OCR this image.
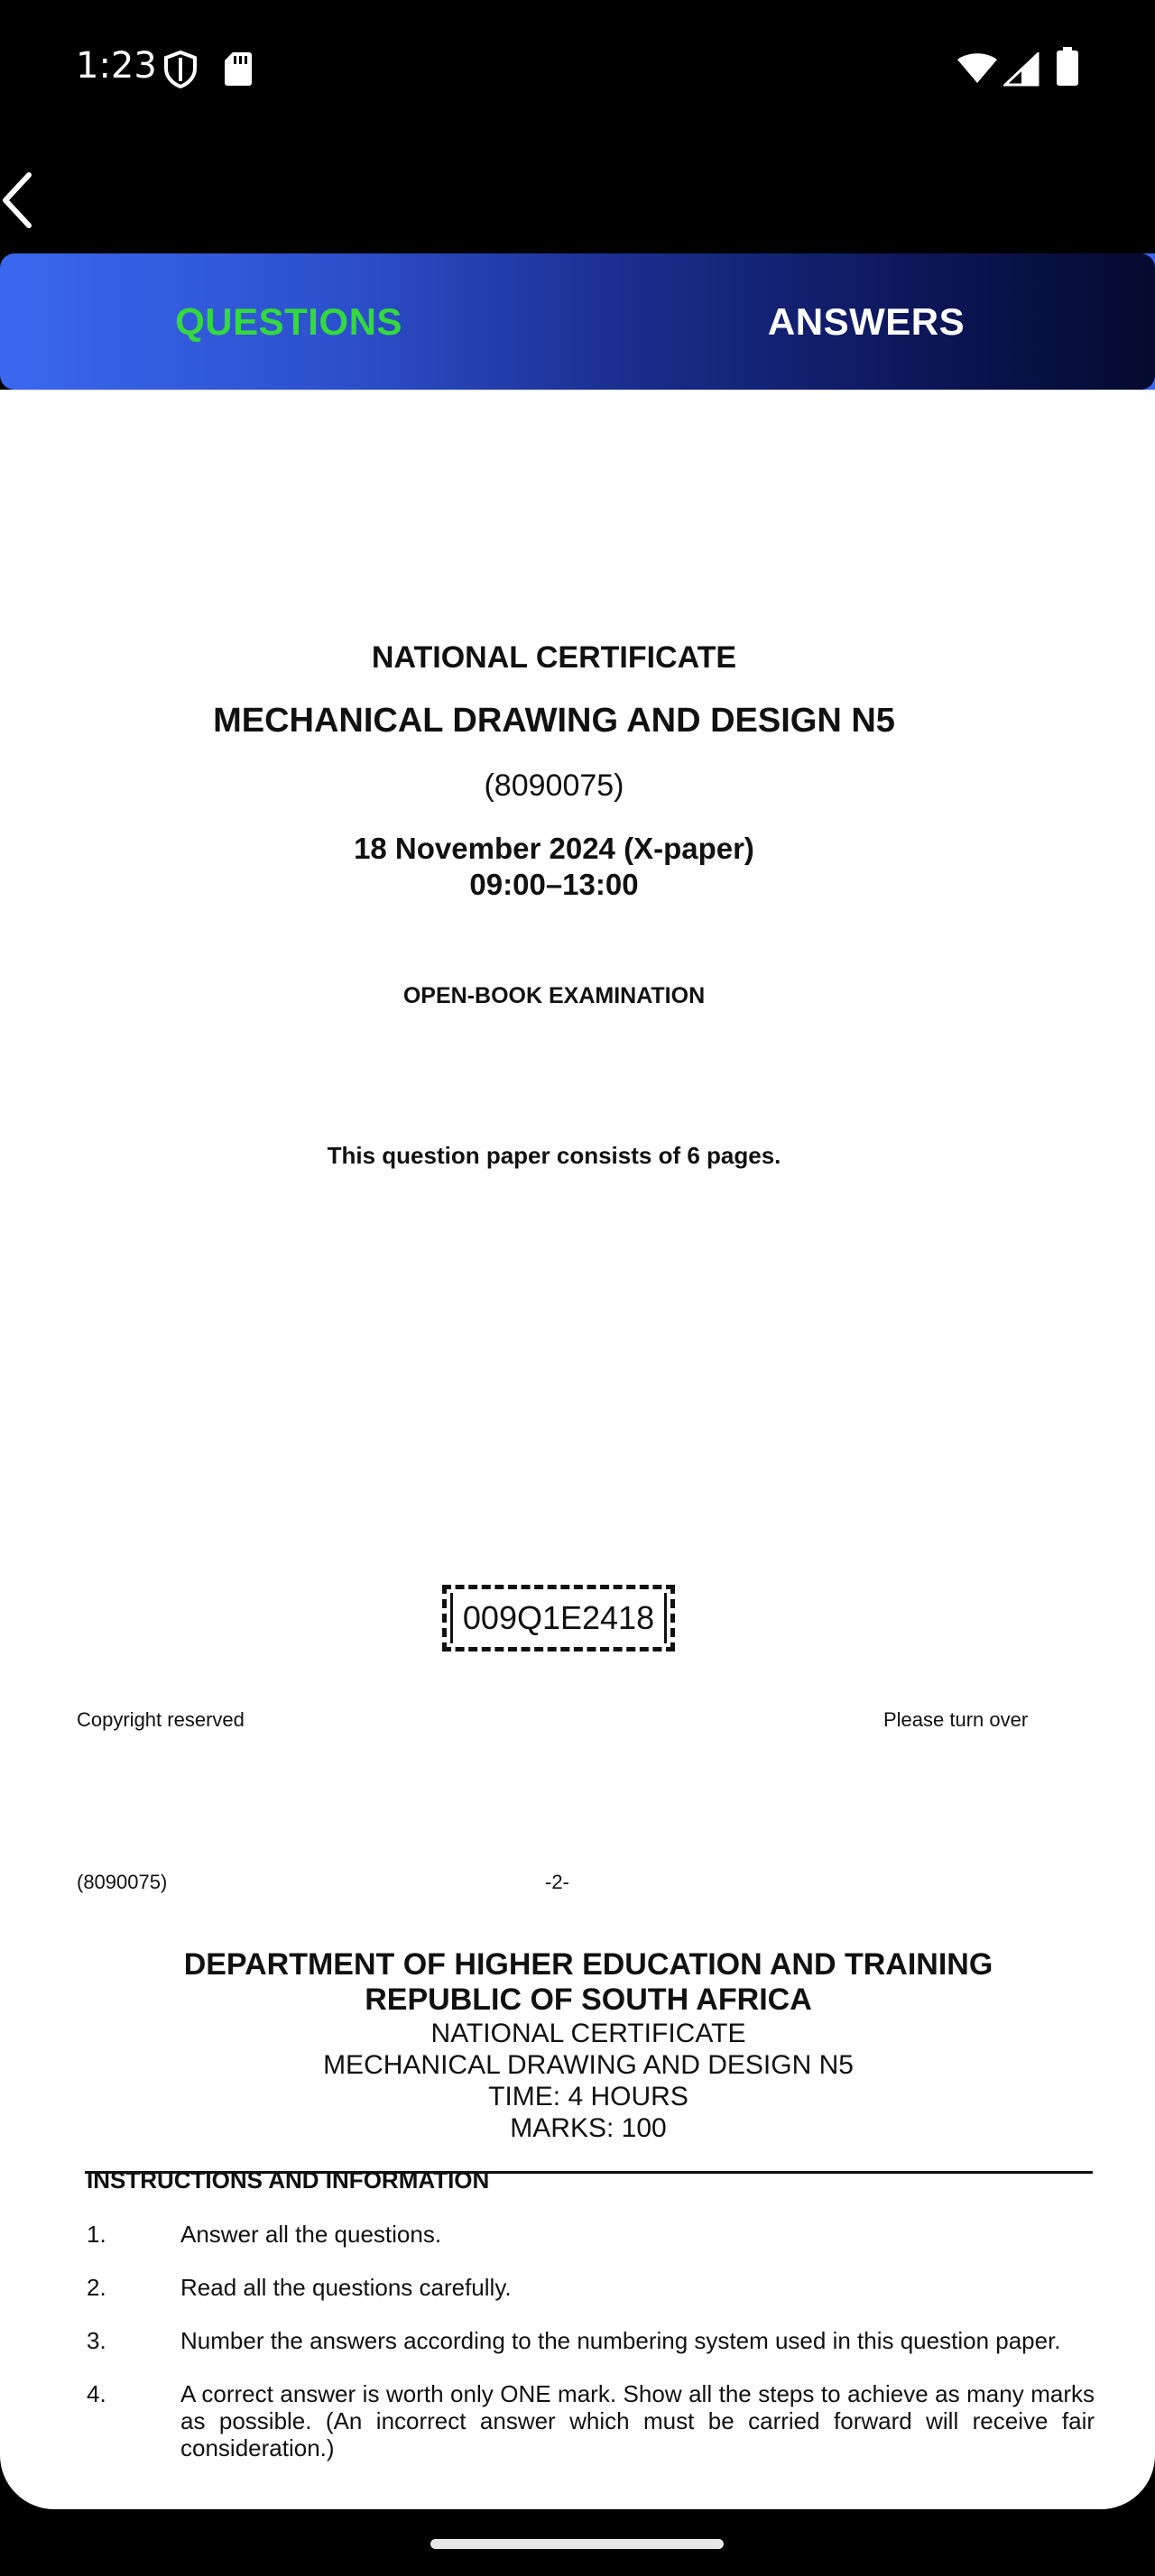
1:23
QUESTIONS	ANSWERS
NATIONAL CERTIFICATE
MECHANICAL DRAWING AND DESIGN N5
(8090075)
18 November 2024 (X-paper)
09:00–13:00
OPEN-BOOK EXAMINATION
This question paper consists of 6 pages.
009Q1E2418
Copyright reserved	Please turn over
(8090075)	-2-
DEPARTMENT OF HIGHER EDUCATION AND TRAINING
REPUBLIC OF SOUTH AFRICA
NATIONAL CERTIFICATE
MECHANICAL DRAWING AND DESIGN N5
TIME: 4 HOURS
MARKS: 100
INSTRUCTIONS AND INFORMATION
1.	Answer all the questions.
2.	Read all the questions carefully.
3.	Number the answers according to the numbering system used in this question paper.
4.	A correct answer is worth only ONE mark. Show all the steps to achieve as many marks as possible. (An incorrect answer which must be carried forward will receive fair consideration.)
